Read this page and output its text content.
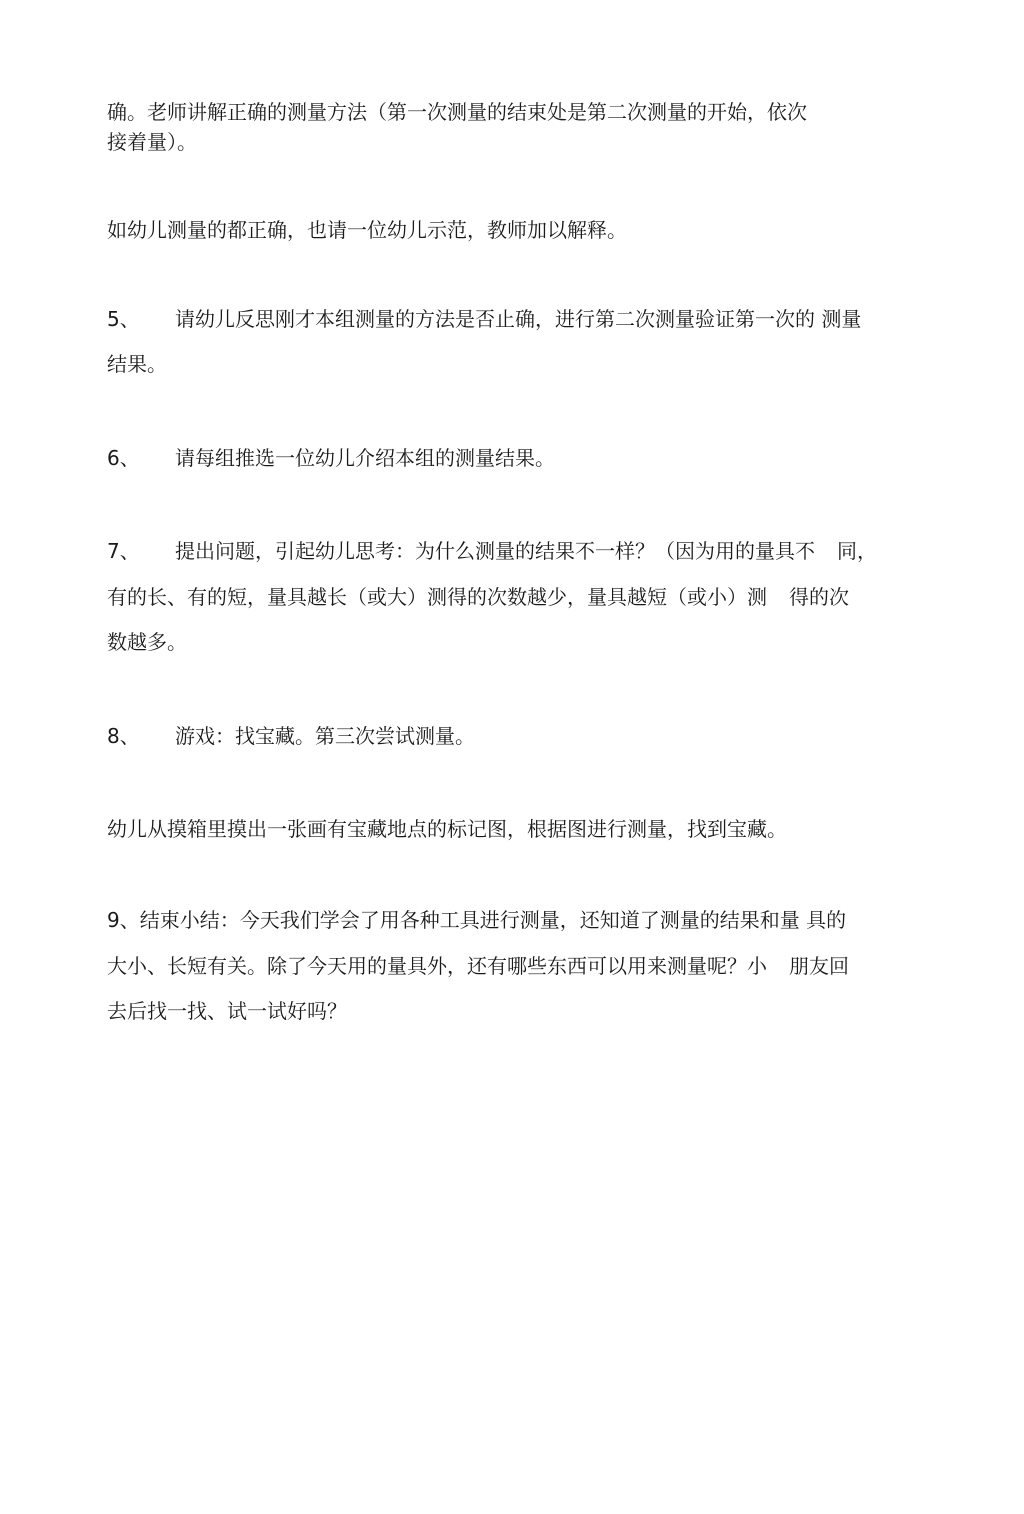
确。老师讲解正确的测量方法（第一次测量的结束处是第二次测量的开始，依次
接着量）。
如幼儿测量的都正确，也请一位幼儿示范，教师加以解释。
5、 请幼儿反思刚才本组测量的方法是否止确，进行第二次测量验证第一次的 测量
结果。
6、 请每组推选一位幼儿介绍本组的测量结果。
7、 提出问题，引起幼儿思考：为什么测量的结果不一样？（因为用的量具不 同，
有的长、有的短，量具越长（或大）测得的次数越少，量具越短（或小）测 得的次
数越多。
8、 游戏：找宝藏。第三次尝试测量。
幼儿从摸箱里摸出一张画有宝藏地点的标记图，根据图进行测量，找到宝藏。
9、结束小结：今天我们学会了用各种工具进行测量，还知道了测量的结果和量 具的
大小、长短有关。除了今天用的量具外，还有哪些东西可以用来测量呢？小 朋友回
去后找一找、试一试好吗？
